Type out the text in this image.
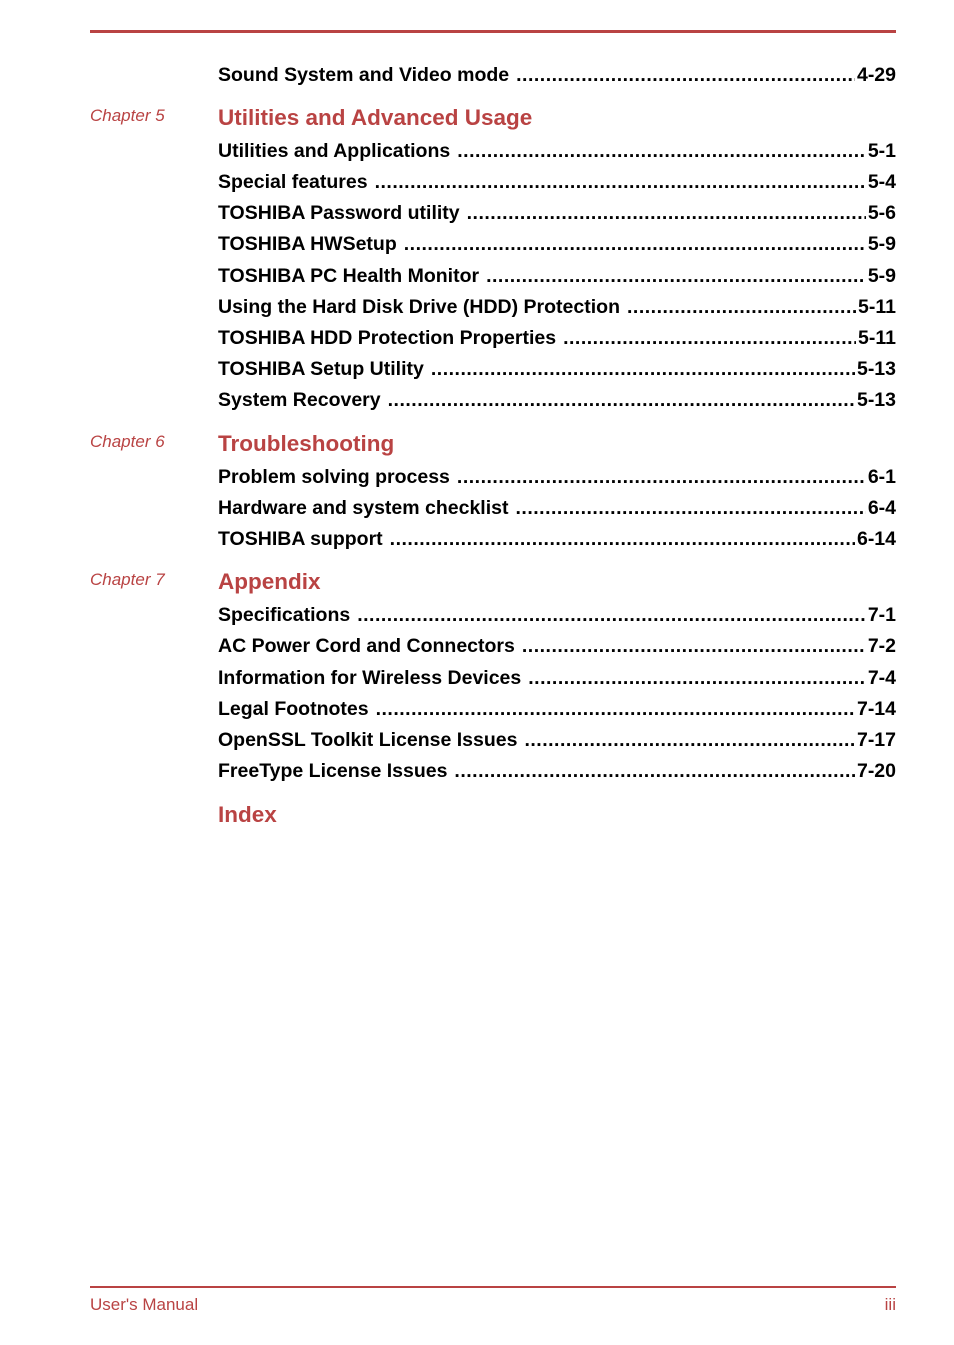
Sound System and Video mode .....	4-29
Chapter 5 Utilities and Advanced Usage
Utilities and Applications .....	5-1
Special features .....	5-4
TOSHIBA Password utility .....	5-6
TOSHIBA HWSetup .....	5-9
TOSHIBA PC Health Monitor .....	5-9
Using the Hard Disk Drive (HDD) Protection .....	5-11
TOSHIBA HDD Protection Properties .....	5-11
TOSHIBA Setup Utility .....	5-13
System Recovery .....	5-13
Chapter 6 Troubleshooting
Problem solving process .....	6-1
Hardware and system checklist .....	6-4
TOSHIBA support .....	6-14
Chapter 7 Appendix
Specifications .....	7-1
AC Power Cord and Connectors .....	7-2
Information for Wireless Devices .....	7-4
Legal Footnotes .....	7-14
OpenSSL Toolkit License Issues .....	7-17
FreeType License Issues .....	7-20
Index
User's Manual	iii
